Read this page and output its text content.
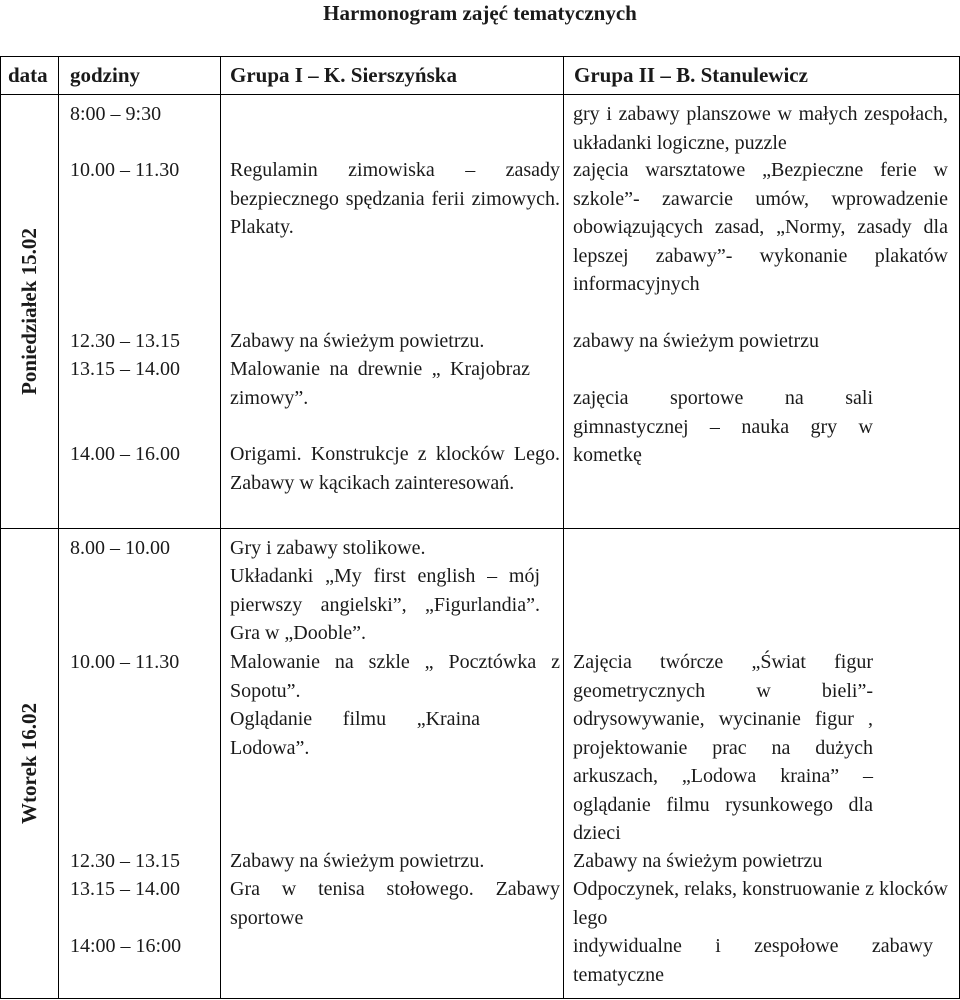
Harmonogram zajęć tematycznych
data godziny	Grupa I – K. Sierszyńska	Grupa II – B. Stanulewicz
Poniedziałek 15.02
8:00 – 9:30
10.00 – 11.30
12.30 – 13.15
13.15 – 14.00
14.00 – 16.00
Regulamin zimowiska – zasady bezpiecznego spędzania ferii zimowych. Plakaty.
Zabawy na świeżym powietrzu.
Malowanie na drewnie „ Krajobraz zimowy”.
Origami. Konstrukcje z klocków Lego. Zabawy w kącikach zainteresowań.
gry i zabawy planszowe w małych zespołach, układanki logiczne, puzzle
zajęcia warsztatowe „Bezpieczne ferie w szkole”- zawarcie umów, wprowadzenie obowiązujących zasad, „Normy, zasady dla lepszej zabawy”- wykonanie plakatów informacyjnych
zabawy na świeżym powietrzu
zajęcia sportowe na sali gimnastycznej – nauka gry w kometkę
Wtorek 16.02
8.00 – 10.00
10.00 – 11.30
12.30 – 13.15
13.15 – 14.00
14:00 – 16:00
Gry i zabawy stolikowe.
Układanki „My first english – mój pierwszy angielski”, „Figurlandia”. Gra w „Dooble”.
Malowanie na szkle „ Pocztówka z Sopotu”.
Oglądanie filmu „Kraina Lodowa”.
Zabawy na świeżym powietrzu.
Gra w tenisa stołowego. Zabawy sportowe
Zajęcia twórcze „Świat figur geometrycznych w bieli”- odrysowywanie, wycinanie figur , projektowanie prac na dużych arkuszach, „Lodowa kraina” – oglądanie filmu rysunkowego dla dzieci
Zabawy na świeżym powietrzu
Odpoczynek, relaks, konstruowanie z klocków lego
indywidualne i zespołowe zabawy tematyczne
